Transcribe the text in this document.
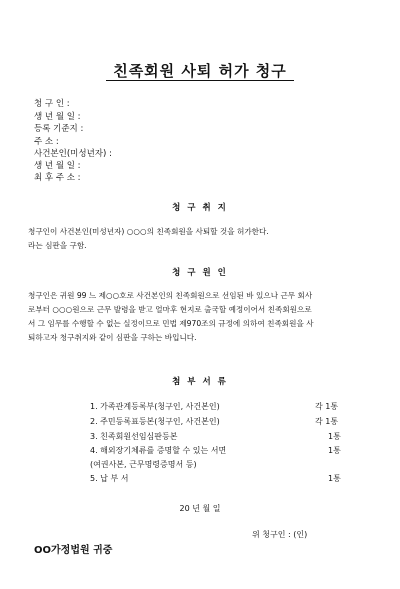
친족회원 사퇴 허가 청구
청 구 인 :
생 년 월 일 :
등록 기준지 :
주 소 :
사건본인(미성년자) :
생 년 월 일 :
최 후 주 소 :
청 구 취 지
청구인이 사건본인(미성년자) ○○○의 친족회원을 사퇴할 것을 허가한다.
라는 심판을 구함.
청 구 원 인
청구인은 귀원 99 느 제○○호로 사건본인의 친족회원으로 선임된 바 있으나 근무 회사
로부터 ○○○원으로 근무 발령을 받고 얼마후 현지로 출국할 예정이어서 친족회원으로
서 그 임무를 수행할 수 없는 실정이므로 민법 제970조의 규정에 의하여 친족회원을 사
퇴하고자 청구취지와 같이 심판을 구하는 바입니다.
첨 부 서 류
1. 가족관계등록부(청구인, 사건본인)	각 1통
2. 주민등록표등본(청구인, 사건본인)	각 1통
3. 친족회원선임심판등본	1통
4. 해외장기체류를 증명할 수 있는 서면	1통
(여권사본, 근무명령증명서 등)
5. 납 부 서	1통
20 년 월 일
위 청구인 : (인)
OO가정법원 귀중
